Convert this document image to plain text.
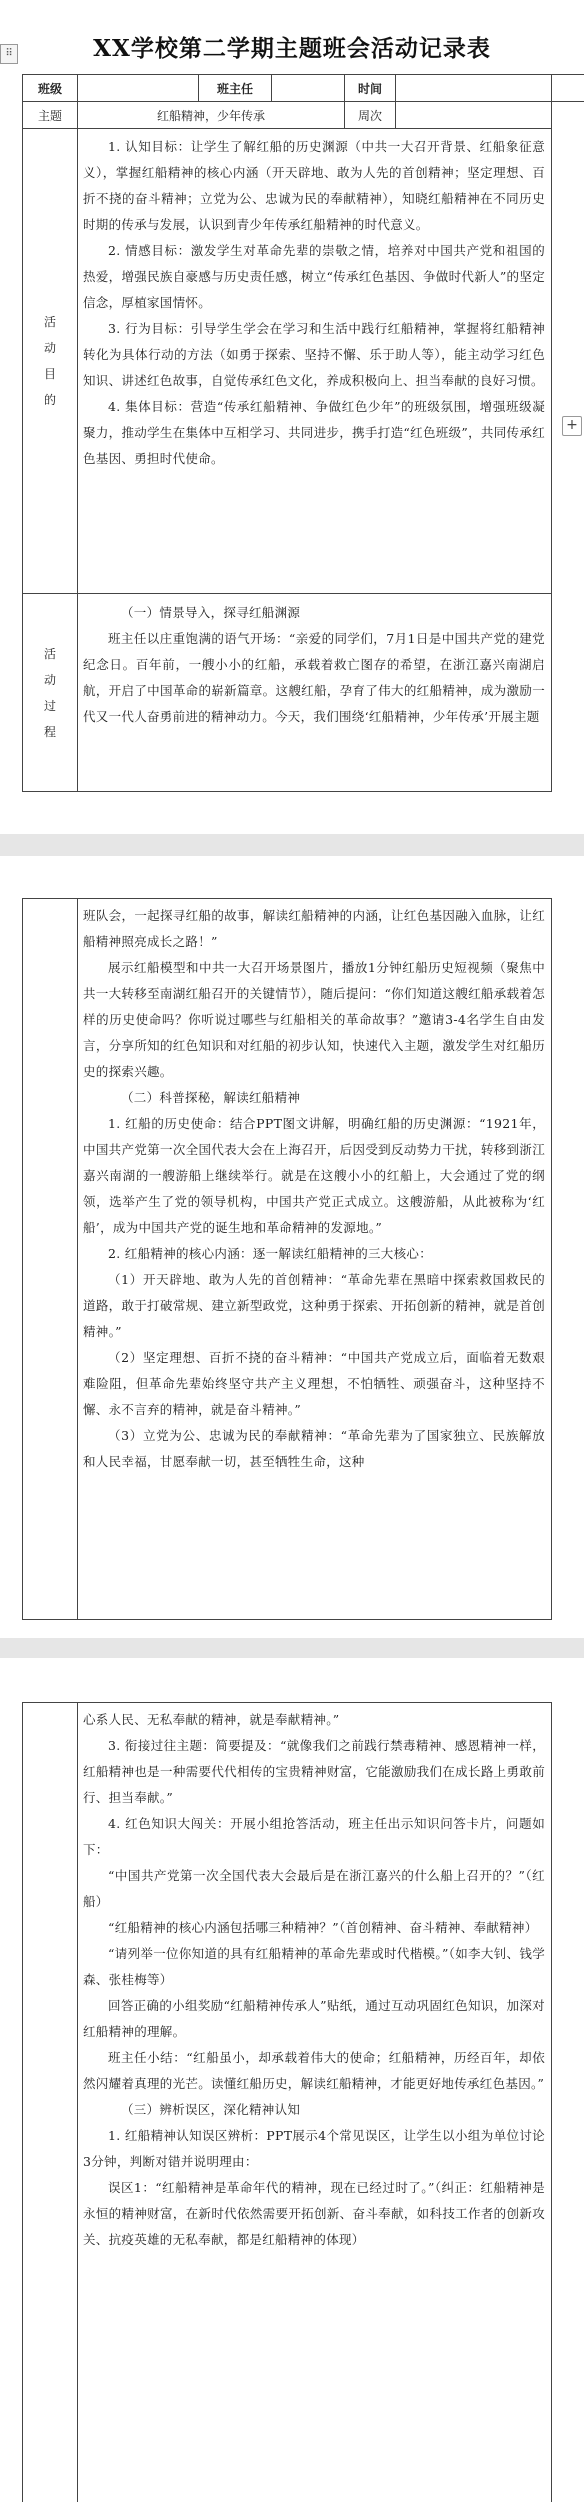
⠿
+
XX学校第二学期主题班会活动记录表
班级		班主任		时间	
主题	红船精神，少年传承			周次	
活
动
目
的

1. 认知目标：让学生了解红船的历史渊源（中共一大召开背景、红船象征意义），掌握红船精神的核心内涵（开天辟地、敢为人先的首创精神；坚定理想、百折不挠的奋斗精神；立党为公、忠诚为民的奉献精神），知晓红船精神在不同历史时期的传承与发展，认识到青少年传承红船精神的时代意义。

2. 情感目标：激发学生对革命先辈的崇敬之情，培养对中国共产党和祖国的热爱，增强民族自豪感与历史责任感，树立“传承红色基因、争做时代新人”的坚定信念，厚植家国情怀。

3. 行为目标：引导学生学会在学习和生活中践行红船精神，掌握将红船精神转化为具体行动的方法（如勇于探索、坚持不懈、乐于助人等），能主动学习红色知识、讲述红色故事，自觉传承红色文化，养成积极向上、担当奉献的良好习惯。

4. 集体目标：营造“传承红船精神、争做红色少年”的班级氛围，增强班级凝聚力，推动学生在集体中互相学习、共同进步，携手打造“红色班级”，共同传承红色基因、勇担时代使命。

活
动
过
程

（一）情景导入，探寻红船渊源

班主任以庄重饱满的语气开场：“亲爱的同学们，7月1日是中国共产党的建党纪念日。百年前，一艘小小的红船，承载着救亡图存的希望，在浙江嘉兴南湖启航，开启了中国革命的崭新篇章。这艘红船，孕育了伟大的红船精神，成为激励一代又一代人奋勇前进的精神动力。今天，我们围绕‘红船精神，少年传承’开展主题

班队会，一起探寻红船的故事，解读红船精神的内涵，让红色基因融入血脉，让红船精神照亮成长之路！”

展示红船模型和中共一大召开场景图片，播放1分钟红船历史短视频（聚焦中共一大转移至南湖红船召开的关键情节），随后提问：“你们知道这艘红船承载着怎样的历史使命吗？你听说过哪些与红船相关的革命故事？”邀请3-4名学生自由发言，分享所知的红色知识和对红船的初步认知，快速代入主题，激发学生对红船历史的探索兴趣。

（二）科普探秘，解读红船精神

1. 红船的历史使命：结合PPT图文讲解，明确红船的历史渊源：“1921年，中国共产党第一次全国代表大会在上海召开，后因受到反动势力干扰，转移到浙江嘉兴南湖的一艘游船上继续举行。就是在这艘小小的红船上，大会通过了党的纲领，选举产生了党的领导机构，中国共产党正式成立。这艘游船，从此被称为‘红船’，成为中国共产党的诞生地和革命精神的发源地。”

2. 红船精神的核心内涵：逐一解读红船精神的三大核心：

（1）开天辟地、敢为人先的首创精神：“革命先辈在黑暗中探索救国救民的道路，敢于打破常规、建立新型政党，这种勇于探索、开拓创新的精神，就是首创精神。”

（2）坚定理想、百折不挠的奋斗精神：“中国共产党成立后，面临着无数艰难险阻，但革命先辈始终坚守共产主义理想，不怕牺牲、顽强奋斗，这种坚持不懈、永不言弃的精神，就是奋斗精神。”

（3）立党为公、忠诚为民的奉献精神：“革命先辈为了国家独立、民族解放和人民幸福，甘愿奉献一切，甚至牺牲生命，这种

心系人民、无私奉献的精神，就是奉献精神。”

3. 衔接过往主题：简要提及：“就像我们之前践行禁毒精神、感恩精神一样，红船精神也是一种需要代代相传的宝贵精神财富，它能激励我们在成长路上勇敢前行、担当奉献。”

4. 红色知识大闯关：开展小组抢答活动，班主任出示知识问答卡片，问题如下：

“中国共产党第一次全国代表大会最后是在浙江嘉兴的什么船上召开的？”（红船）

“红船精神的核心内涵包括哪三种精神？”（首创精神、奋斗精神、奉献精神）

“请列举一位你知道的具有红船精神的革命先辈或时代楷模。”（如李大钊、钱学森、张桂梅等）

回答正确的小组奖励“红船精神传承人”贴纸，通过互动巩固红色知识，加深对红船精神的理解。

班主任小结：“红船虽小，却承载着伟大的使命；红船精神，历经百年，却依然闪耀着真理的光芒。读懂红船历史，解读红船精神，才能更好地传承红色基因。”

（三）辨析误区，深化精神认知

1. 红船精神认知误区辨析：PPT展示4个常见误区，让学生以小组为单位讨论3分钟，判断对错并说明理由：

误区1：“红船精神是革命年代的精神，现在已经过时了。”（纠正：红船精神是永恒的精神财富，在新时代依然需要开拓创新、奋斗奉献，如科技工作者的创新攻关、抗疫英雄的无私奉献，都是红船精神的体现）
